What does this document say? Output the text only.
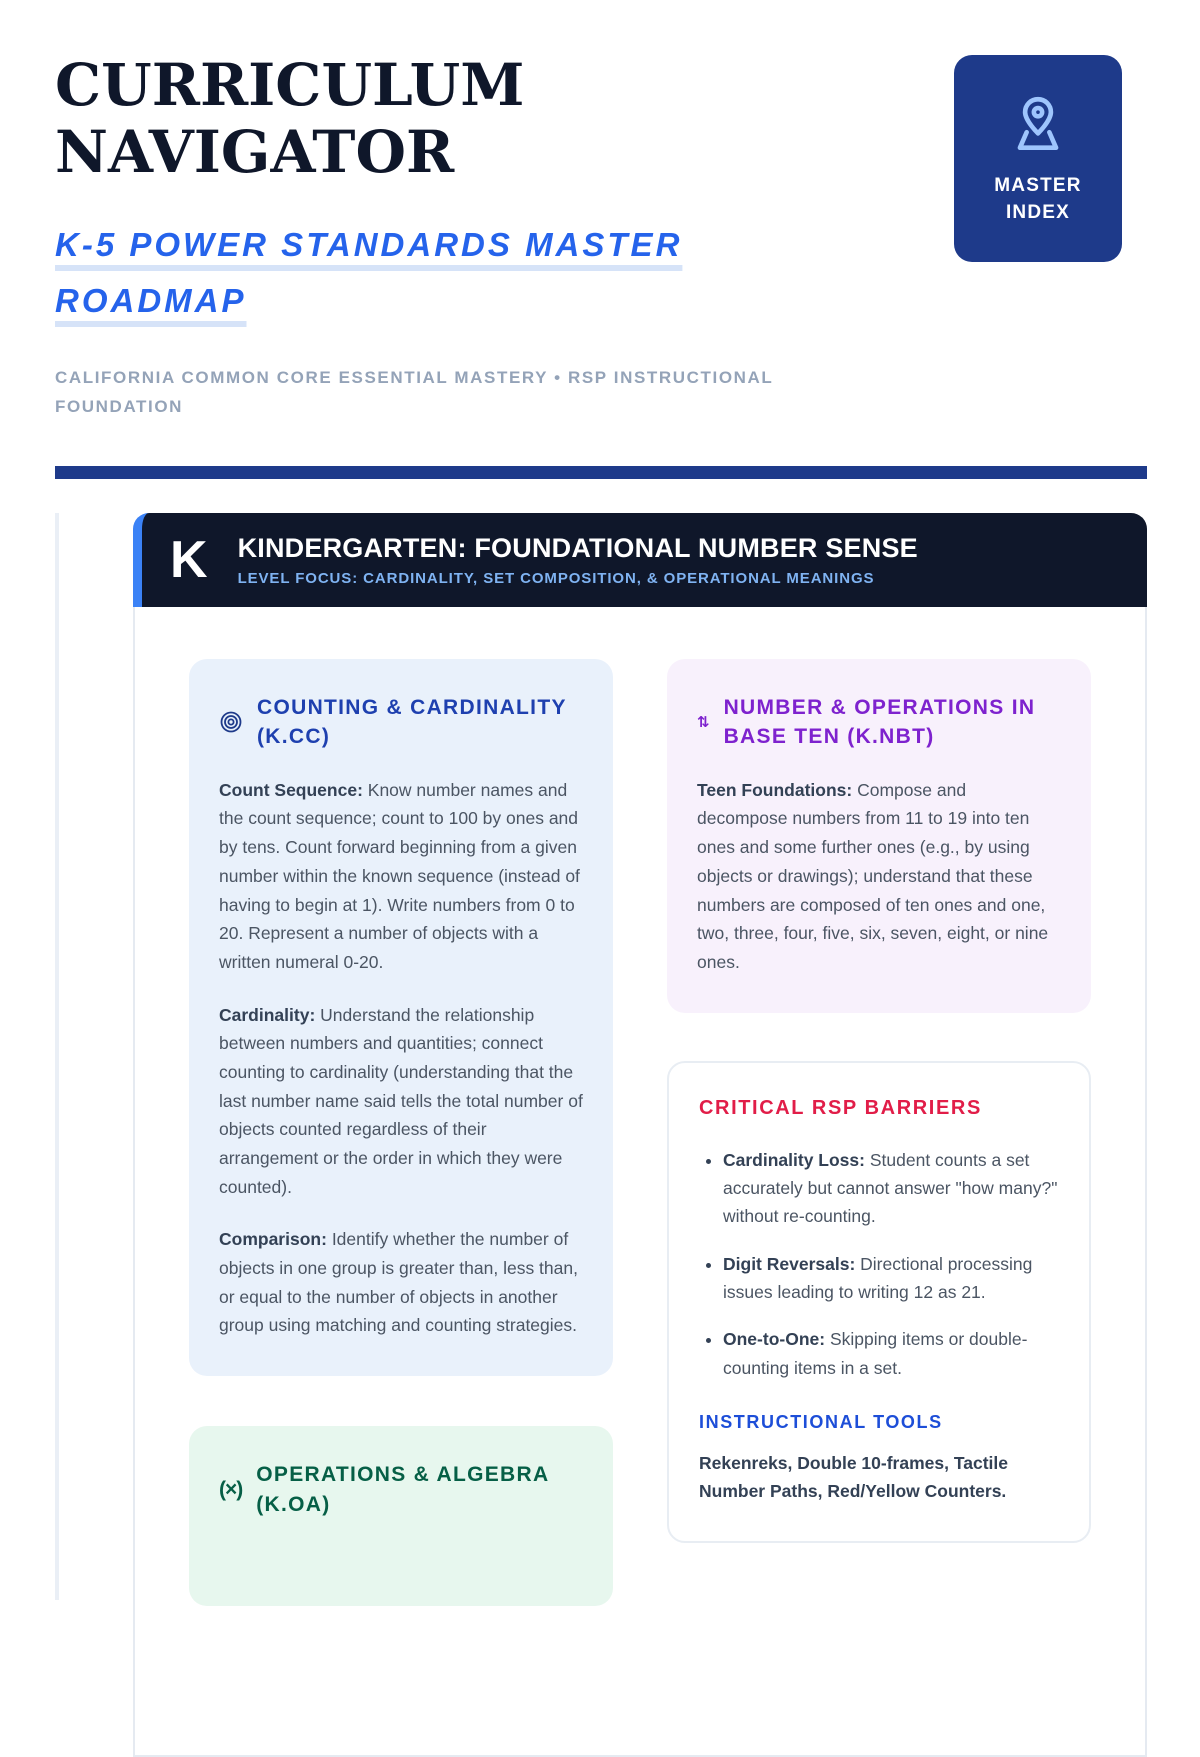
CURRICULUM
NAVIGATOR
K-5 POWER STANDARDS MASTER ROADMAP
CALIFORNIA COMMON CORE ESSENTIAL MASTERY • RSP INSTRUCTIONAL FOUNDATION
MASTER
INDEX
K KINDERGARTEN: FOUNDATIONAL NUMBER SENSE
LEVEL FOCUS: CARDINALITY, SET COMPOSITION, & OPERATIONAL MEANINGS
COUNTING & CARDINALITY (K.CC)

Count Sequence: Know number names and the count sequence; count to 100 by ones and by tens. Count forward beginning from a given number within the known sequence (instead of having to begin at 1). Write numbers from 0 to 20. Represent a number of objects with a written numeral 0-20.

Cardinality: Understand the relationship between numbers and quantities; connect counting to cardinality (understanding that the last number name said tells the total number of objects counted regardless of their arrangement or the order in which they were counted).

Comparison: Identify whether the number of objects in one group is greater than, less than, or equal to the number of objects in another group using matching and counting strategies.

(×)
OPERATIONS & ALGEBRA (K.OA)
⇅
NUMBER & OPERATIONS IN BASE TEN (K.NBT)

Teen Foundations: Compose and decompose numbers from 11 to 19 into ten ones and some further ones (e.g., by using objects or drawings); understand that these numbers are composed of ten ones and one, two, three, four, five, six, seven, eight, or nine ones.

CRITICAL RSP BARRIERS
• Cardinality Loss: Student counts a set accurately but cannot answer "how many?" without re-counting.
• Digit Reversals: Directional processing issues leading to writing 12 as 21.
• One-to-One: Skipping items or double-counting items in a set.
INSTRUCTIONAL TOOLS
Rekenreks, Double 10-frames, Tactile Number Paths, Red/Yellow Counters.
